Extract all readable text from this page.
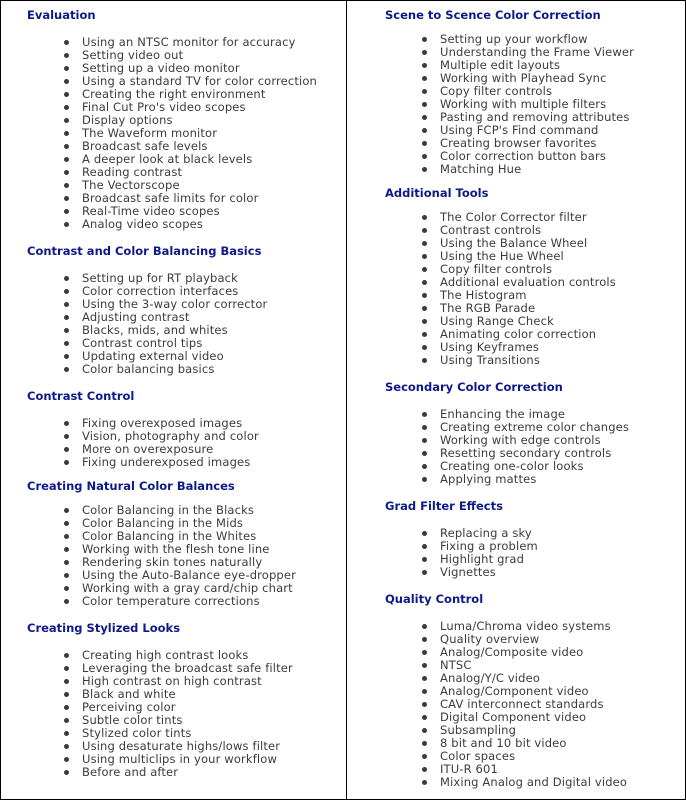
Evaluation
Using an NTSC monitor for accuracy
Setting video out
Setting up a video monitor
Using a standard TV for color correction
Creating the right environment
Final Cut Pro's video scopes
Display options
The Waveform monitor
Broadcast safe levels
A deeper look at black levels
Reading contrast
The Vectorscope
Broadcast safe limits for color
Real-Time video scopes
Analog video scopes
Contrast and Color Balancing Basics
Setting up for RT playback
Color correction interfaces
Using the 3-way color corrector
Adjusting contrast
Blacks, mids, and whites
Contrast control tips
Updating external video
Color balancing basics
Contrast Control
Fixing overexposed images
Vision, photography and color
More on overexposure
Fixing underexposed images
Creating Natural Color Balances
Color Balancing in the Blacks
Color Balancing in the Mids
Color Balancing in the Whites
Working with the flesh tone line
Rendering skin tones naturally
Using the Auto-Balance eye-dropper
Working with a gray card/chip chart
Color temperature corrections
Creating Stylized Looks
Creating high contrast looks
Leveraging the broadcast safe filter
High contrast on high contrast
Black and white
Perceiving color
Subtle color tints
Stylized color tints
Using desaturate highs/lows filter
Using multiclips in your workflow
Before and after
Scene to Scence Color Correction
Setting up your workflow
Understanding the Frame Viewer
Multiple edit layouts
Working with Playhead Sync
Copy filter controls
Working with multiple filters
Pasting and removing attributes
Using FCP's Find command
Creating browser favorites
Color correction button bars
Matching Hue
Additional Tools
The Color Corrector filter
Contrast controls
Using the Balance Wheel
Using the Hue Wheel
Copy filter controls
Additional evaluation controls
The Histogram
The RGB Parade
Using Range Check
Animating color correction
Using Keyframes
Using Transitions
Secondary Color Correction
Enhancing the image
Creating extreme color changes
Working with edge controls
Resetting secondary controls
Creating one-color looks
Applying mattes
Grad Filter Effects
Replacing a sky
Fixing a problem
Highlight grad
Vignettes
Quality Control
Luma/Chroma video systems
Quality overview
Analog/Composite video
NTSC
Analog/Y/C video
Analog/Component video
CAV interconnect standards
Digital Component video
Subsampling
8 bit and 10 bit video
Color spaces
ITU-R 601
Mixing Analog and Digital video
